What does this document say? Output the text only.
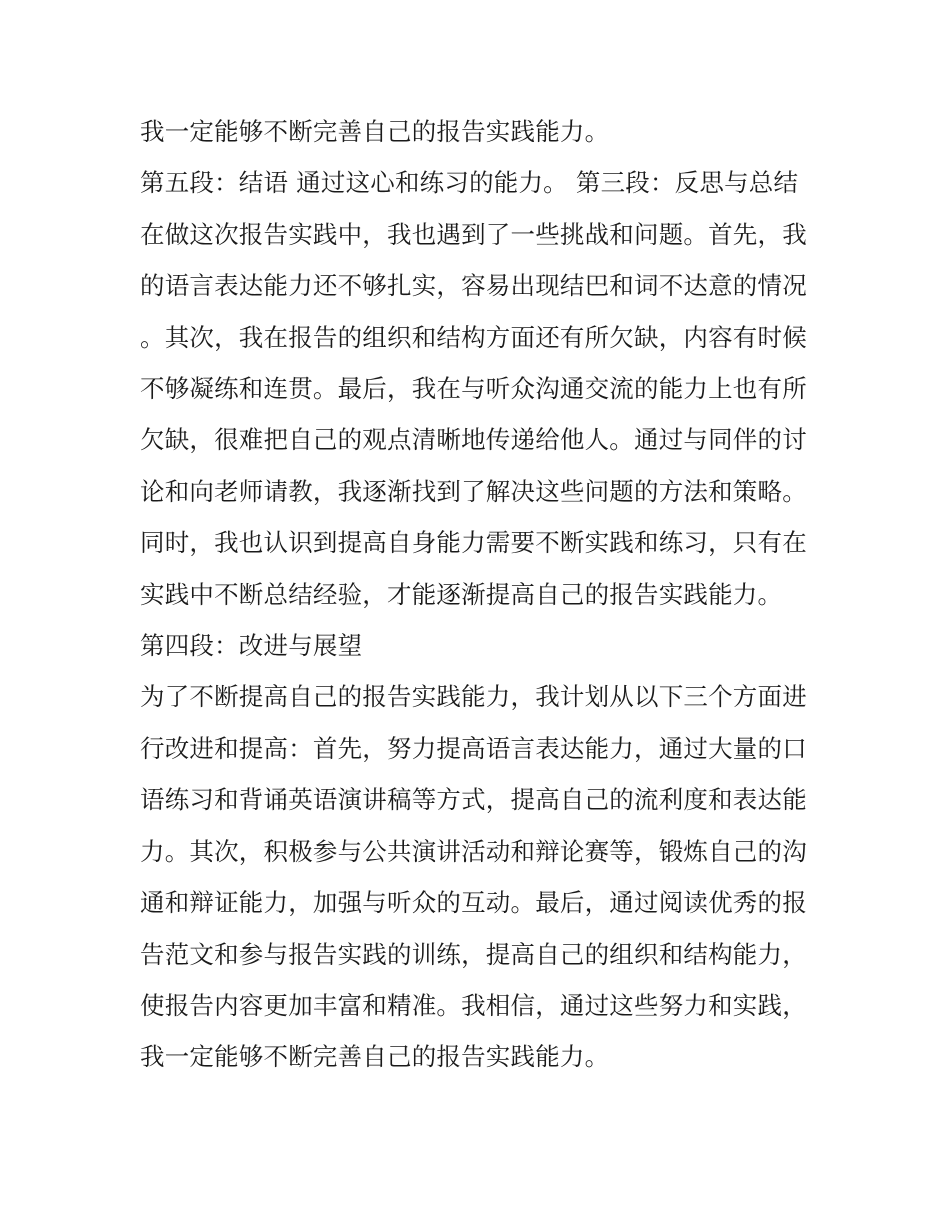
我一定能够不断完善自己的报告实践能力。

第五段：结语 通过这心和练习的能力。 第三段：反思与总结

在做这次报告实践中，我也遇到了一些挑战和问题。首先，我的语言表达能力还不够扎实，容易出现结巴和词不达意的情况。其次，我在报告的组织和结构方面还有所欠缺，内容有时候不够凝练和连贯。最后，我在与听众沟通交流的能力上也有所欠缺，很难把自己的观点清晰地传递给他人。通过与同伴的讨论和向老师请教，我逐渐找到了解决这些问题的方法和策略。同时，我也认识到提高自身能力需要不断实践和练习，只有在实践中不断总结经验，才能逐渐提高自己的报告实践能力。

第四段：改进与展望

为了不断提高自己的报告实践能力，我计划从以下三个方面进行改进和提高：首先，努力提高语言表达能力，通过大量的口语练习和背诵英语演讲稿等方式，提高自己的流利度和表达能力。其次，积极参与公共演讲活动和辩论赛等，锻炼自己的沟通和辩证能力，加强与听众的互动。最后，通过阅读优秀的报告范文和参与报告实践的训练，提高自己的组织和结构能力，使报告内容更加丰富和精准。我相信，通过这些努力和实践，我一定能够不断完善自己的报告实践能力。
